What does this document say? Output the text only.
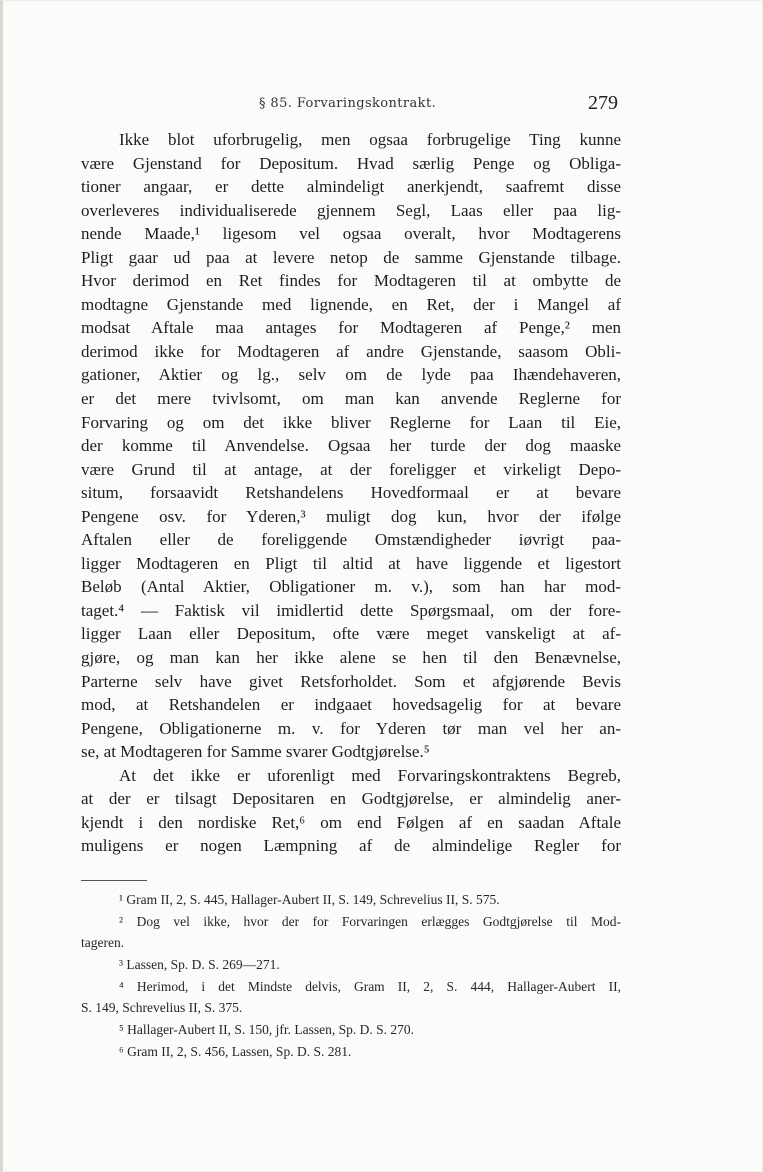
§ 85. Forvaringskontrakt.	279
Ikke blot uforbrugelig, men ogsaa forbrugelige Ting kunne
være Gjenstand for Depositum. Hvad særlig Penge og Obliga-
tioner angaar, er dette almindeligt anerkjendt, saafremt disse
overleveres individualiserede gjennem Segl, Laas eller paa lig-
nende Maade,¹ ligesom vel ogsaa overalt, hvor Modtagerens
Pligt gaar ud paa at levere netop de samme Gjenstande tilbage.
Hvor derimod en Ret findes for Modtageren til at ombytte de
modtagne Gjenstande med lignende, en Ret, der i Mangel af
modsat Aftale maa antages for Modtageren af Penge,² men
derimod ikke for Modtageren af andre Gjenstande, saasom Obli-
gationer, Aktier og lg., selv om de lyde paa Ihændehaveren,
er det mere tvivlsomt, om man kan anvende Reglerne for
Forvaring og om det ikke bliver Reglerne for Laan til Eie,
der komme til Anvendelse. Ogsaa her turde der dog maaske
være Grund til at antage, at der foreligger et virkeligt Depo-
situm, forsaavidt Retshandelens Hovedformaal er at bevare
Pengene osv. for Yderen,³ muligt dog kun, hvor der ifølge
Aftalen eller de foreliggende Omstændigheder iøvrigt paa-
ligger Modtageren en Pligt til altid at have liggende et ligestort
Beløb (Antal Aktier, Obligationer m. v.), som han har mod-
taget.⁴ — Faktisk vil imidlertid dette Spørgsmaal, om der fore-
ligger Laan eller Depositum, ofte være meget vanskeligt at af-
gjøre, og man kan her ikke alene se hen til den Benævnelse,
Parterne selv have givet Retsforholdet. Som et afgjørende Bevis
mod, at Retshandelen er indgaaet hovedsagelig for at bevare
Pengene, Obligationerne m. v. for Yderen tør man vel her an-
se, at Modtageren for Samme svarer Godtgjørelse.⁵
At det ikke er uforenligt med Forvaringskontraktens Begreb,
at der er tilsagt Depositaren en Godtgjørelse, er almindelig aner-
kjendt i den nordiske Ret,⁶ om end Følgen af en saadan Aftale
muligens er nogen Læmpning af de almindelige Regler for
¹ Gram II, 2, S. 445, Hallager-Aubert II, S. 149, Schrevelius II, S. 575.
² Dog vel ikke, hvor der for Forvaringen erlægges Godtgjørelse til Mod-
tageren.
³ Lassen, Sp. D. S. 269—271.
⁴ Herimod, i det Mindste delvis, Gram II, 2, S. 444, Hallager-Aubert II,
S. 149, Schrevelius II, S. 375.
⁵ Hallager-Aubert II, S. 150, jfr. Lassen, Sp. D. S. 270.
⁶ Gram II, 2, S. 456, Lassen, Sp. D. S. 281.
